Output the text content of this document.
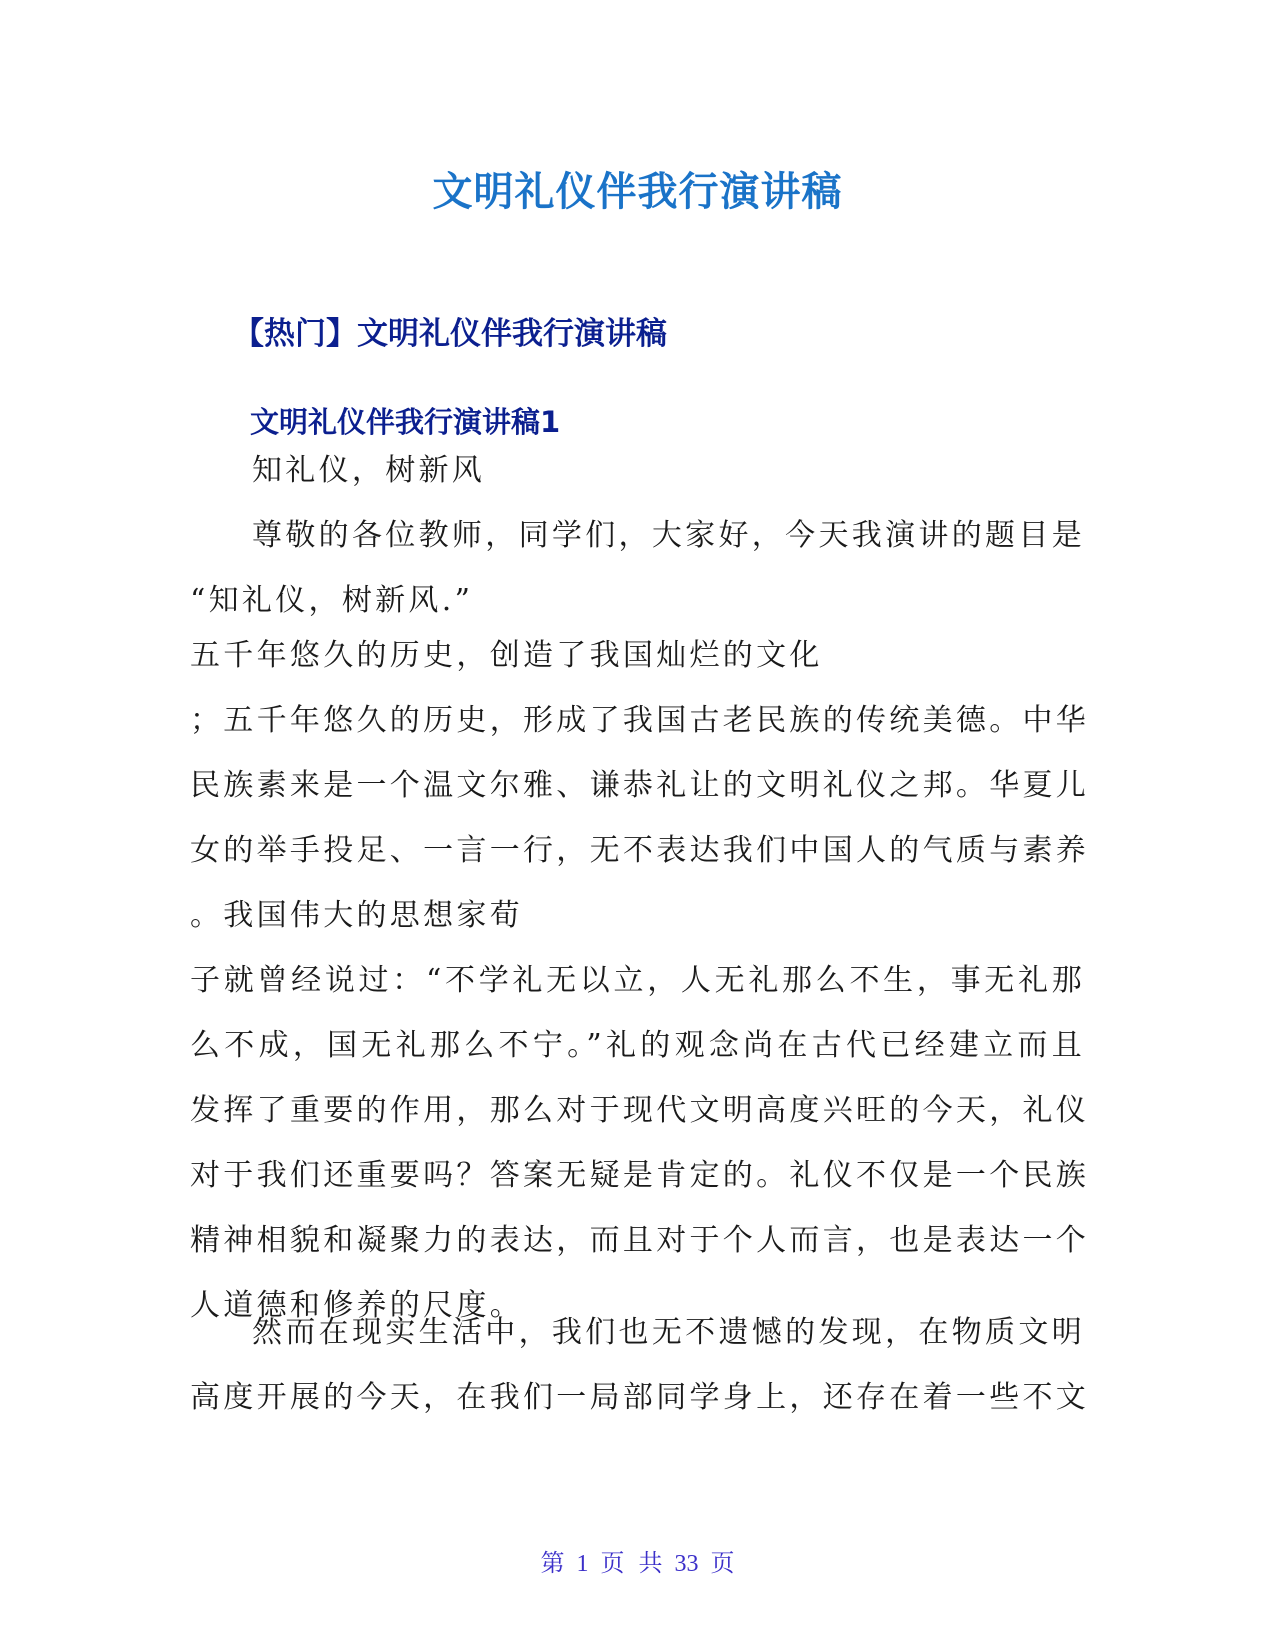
文明礼仪伴我行演讲稿
【热门】文明礼仪伴我行演讲稿
文明礼仪伴我行演讲稿1
知礼仪，树新风
尊敬的各位教师，同学们，大家好，今天我演讲的题目是
“知礼仪，树新风.”
五千年悠久的历史，创造了我国灿烂的文化
；五千年悠久的历史，形成了我国古老民族的传统美德。中华
民族素来是一个温文尔雅、谦恭礼让的文明礼仪之邦。华夏儿
女的举手投足、一言一行，无不表达我们中国人的气质与素养
。我国伟大的思想家荀
子就曾经说过：“不学礼无以立，人无礼那么不生，事无礼那
么不成，国无礼那么不宁。”礼的观念尚在古代已经建立而且
发挥了重要的作用，那么对于现代文明高度兴旺的今天，礼仪
对于我们还重要吗？答案无疑是肯定的。礼仪不仅是一个民族
精神相貌和凝聚力的表达，而且对于个人而言，也是表达一个
人道德和修养的尺度。
然而在现实生活中，我们也无不遗憾的发现，在物质文明
高度开展的今天，在我们一局部同学身上，还存在着一些不文
第 1 页 共 33 页
